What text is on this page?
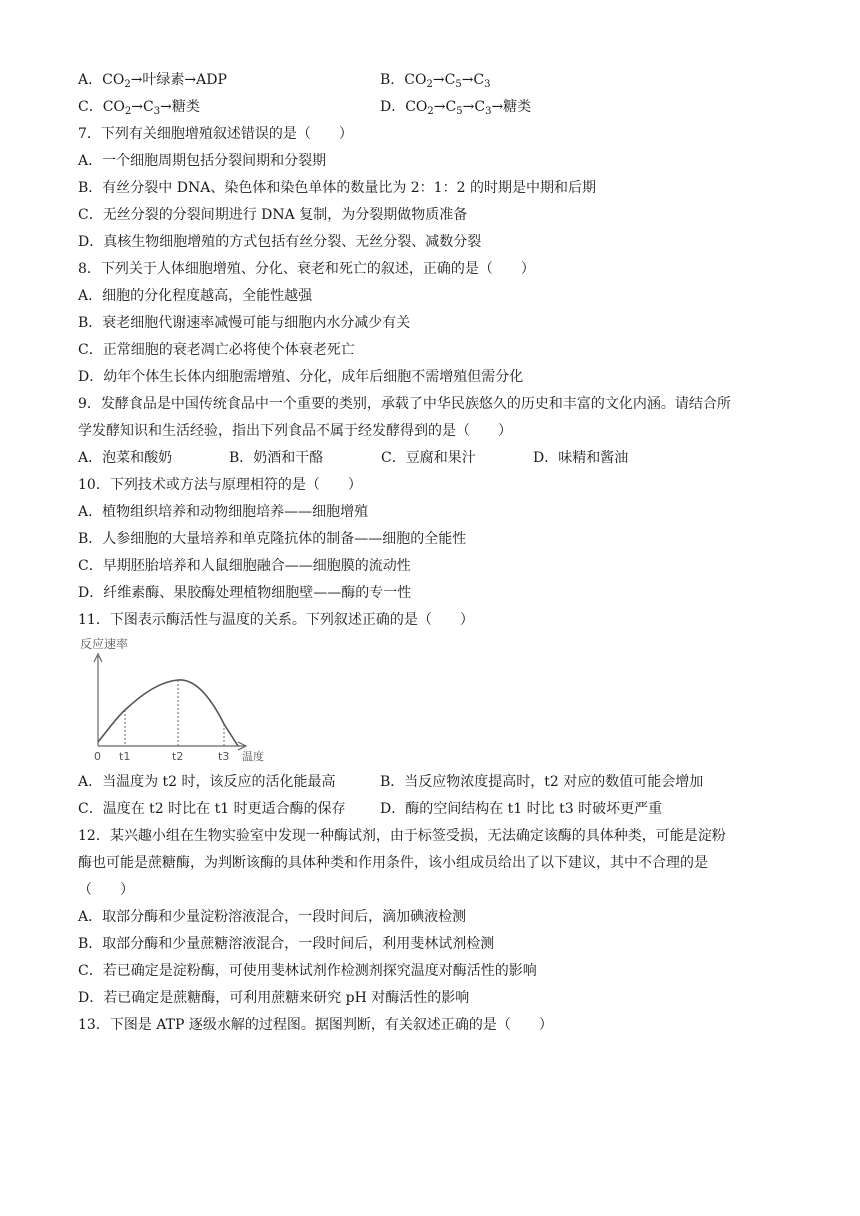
A．$CO_2\to$叶绿素→ADP	B．$CO_2\to C_5\to C_3$
C．$CO_2\to C_3\to$糖类	D．$CO_2\to C_5\to C_3\to$糖类
7．下列有关细胞增殖叙述错误的是（　　）
A．一个细胞周期包括分裂间期和分裂期
B．有丝分裂中 DNA、染色体和染色单体的数量比为 2：1：2 的时期是中期和后期
C．无丝分裂的分裂间期进行 DNA 复制，为分裂期做物质准备
D．真核生物细胞增殖的方式包括有丝分裂、无丝分裂、减数分裂
8．下列关于人体细胞增殖、分化、衰老和死亡的叙述，正确的是（　　）
A．细胞的分化程度越高，全能性越强
B．衰老细胞代谢速率减慢可能与细胞内水分减少有关
C．正常细胞的衰老凋亡必将使个体衰老死亡
D．幼年个体生长体内细胞需增殖、分化，成年后细胞不需增殖但需分化
9．发酵食品是中国传统食品中一个重要的类别，承载了中华民族悠久的历史和丰富的文化内涵。请结合所
学发酵知识和生活经验，指出下列食品不属于经发酵得到的是（　　）
A．泡菜和酸奶	B．奶酒和干酪	C．豆腐和果汁	D．味精和酱油
10．下列技术或方法与原理相符的是（　　）
A．植物组织培养和动物细胞培养——细胞增殖
B．人参细胞的大量培养和单克隆抗体的制备——细胞的全能性
C．早期胚胎培养和人鼠细胞融合——细胞膜的流动性
D．纤维素酶、果胶酶处理植物细胞壁——酶的专一性
11．下图表示酶活性与温度的关系。下列叙述正确的是（　　）
反应速率
0 t1	t2	t3 温度
A．当温度为 t2 时，该反应的活化能最高	B．当反应物浓度提高时，t2 对应的数值可能会增加
C．温度在 t2 时比在 t1 时更适合酶的保存 D．酶的空间结构在 t1 时比 t3 时破坏更严重
12．某兴趣小组在生物实验室中发现一种酶试剂，由于标签受损，无法确定该酶的具体种类，可能是淀粉
酶也可能是蔗糖酶，为判断该酶的具体种类和作用条件，该小组成员给出了以下建议，其中不合理的是
（　　）
A．取部分酶和少量淀粉溶液混合，一段时间后，滴加碘液检测
B．取部分酶和少量蔗糖溶液混合，一段时间后，利用斐林试剂检测
C．若已确定是淀粉酶，可使用斐林试剂作检测剂探究温度对酶活性的影响
D．若已确定是蔗糖酶，可利用蔗糖来研究 pH 对酶活性的影响
13．下图是 ATP 逐级水解的过程图。据图判断，有关叙述正确的是（　　）
